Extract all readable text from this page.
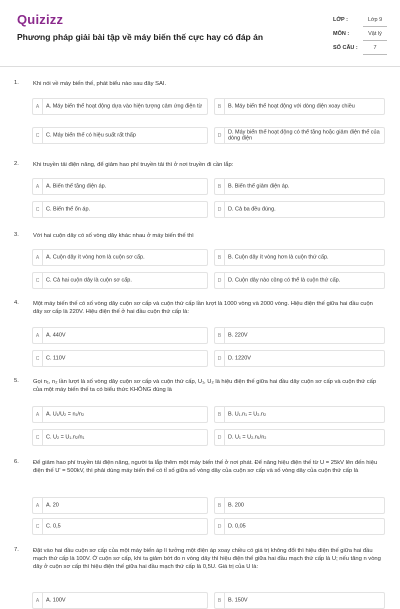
Quizizz
Phương pháp giải bài tập về máy biến thế cực hay có đáp án
LỚP :	Lớp 9
MÔN :	Vật lý
SỐ CÂU :	7
1. Khi nói về máy biến thế, phát biểu nào sau đây SAI.
A	A. Máy biến thế hoạt động dựa vào hiện tượng cảm ứng điện từ	B	B. Máy biến thế hoạt động với dòng điện xoay chiều
C	C. Máy biến thế có hiệu suất rất thấp	D
D. Máy biến thế hoạt động có thể tăng hoặc giảm điện thế của dòng điện
2. Khi truyền tải điện năng, để giảm hao phí truyền tải thì ở nơi truyền đi cần lắp:
A	A. Biến thế tăng điện áp.	B	B. Biến thế giảm điện áp.
C	C. Biến thế ổn áp.	D	D. Cả ba đều đúng.
3. Với hai cuộn dây có số vòng dây khác nhau ở máy biến thế thì
A	A. Cuộn dây ít vòng hơn là cuộn sơ cấp.	B	B. Cuộn dây ít vòng hơn là cuộn thứ cấp.
C	C. Cả hai cuộn dây là cuộn sơ cấp.	D	D. Cuộn dây nào cũng có thể là cuộn thứ cấp.
4. Một máy biến thế có số vòng dây cuộn sơ cấp và cuộn thứ cấp lần lượt là 1000 vòng và 2000 vòng. Hiệu điện thế giữa hai đầu cuộn dây sơ cấp là 220V. Hiệu điện thế ở hai đầu cuộn thứ cấp là:
A	A. 440V	B	B. 220V
C	C. 110V	D	D. 1220V
5. Gọi n₁, n₂ lần lượt là số vòng dây cuộn sơ cấp và cuộn thứ cấp, U₁, U₂ là hiệu điện thế giữa hai đầu dây cuộn sơ cấp và cuộn thứ cấp của một máy biến thế ta có biểu thức KHÔNG đúng là
A	A. U₁/U₂ = n₁/n₂	B	B. U₁.n₁ = U₂.n₂
C	C. U₂ = U₁.n₂/n₁	D	D. U₁ = U₂.n₁/n₂
6. Để giảm hao phí truyền tải điện năng, người ta lắp thêm một máy biến thế ở nơi phát. Để nâng hiệu điện thế từ U = 25kV lên đến hiệu điện thế U' = 500kV, thì phải dùng máy biến thế có tỉ số giữa số vòng dây của cuộn sơ cấp và số vòng dây của cuộn thứ cấp là
A	A. 20	B	B. 200
C	C. 0,5	D	D. 0,05
7. Đặt vào hai đầu cuộn sơ cấp của một máy biến áp lí tưởng một điện áp xoay chiều có giá trị không đổi thì hiệu điện thế giữa hai đầu mạch thứ cấp là 100V. Ở cuộn sơ cấp, khi ta giảm bớt đo n vòng dây thì hiệu điện thế giữa hai đầu mạch thứ cấp là U; nếu tăng n vòng dây ở cuộn sơ cấp thì hiệu điện thế giữa hai đầu mạch thứ cấp là 0,5U. Giá trị của U là:
A	A. 100V	B	B. 150V
